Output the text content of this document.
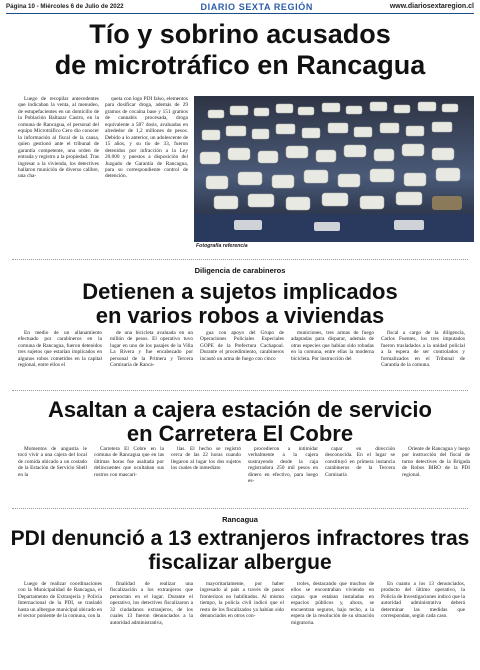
Página 10 - Miércoles 6 de Julio de 2022	DIARIO SEXTA REGIÓN	www.diariosextaregion.cl
Tío y sobrino acusados
de microtráfico en Rancagua
Luego de recopilar antecedentes que indicaban la venta, al menudeo, de estupefacientes en un domicilio de la Población Baltazar Castro, en la comuna de Rancagua, el personal del equipo Microtráfico Cero dio conocer la información al fiscal de la causa, quien gestionó ante el tribunal de garantía competente, una orden de entrada y registro a la propiedad. Tras ingresar a la vivienda, los detectives hallaron munición de diverso calibre, una cha-
queta con logo PDI falso, elementos para dosificar droga, además de 29 gramos de cocaína base y 151 gramos de cannabis procesada, droga equivalente a 587 dosis, avaluadas en alrededor de 1,2 millones de pesos. Debido a lo anterior, un adolescente de 15 años, y su tío de 33, fueron detenidos por infracción a la Ley 20.000 y puestos a disposición del Juzgado de Garantía de Rancagua, para su correspondiente control de detención.
Fotografía referencia
Diligencia de carabineros
Detienen a sujetos implicados
en varios robos a viviendas
En medio de un allanamiento efectuado por carabineros en la comuna de Rancagua, fueron detenidos tres sujetos que estarían implicados en algunos robos cometidos en la capital regional, entre ellos el
de una bicicleta avaluada en un millón de pesos. El operativo tuvo lugar en uno de los pasajes de la Villa La Rivera y fue encabezado por personal de la Primera y Tercera Comisaría de Ranca-
gua con apoyo del Grupo de Operaciones Policiales Especiales GOPE de la Prefectura Cachapoal. Durante el procedimiento, carabineros incautó un arma de fuego con cinco
municiones, tres armas de fuego adaptadas para disparar, además de otras especies que habían sido robadas en la comuna, entre ellas la moderna bicicleta. Por instrucción del
fiscal a cargo de la diligencia, Carlos Fuentes, los tres imputados fueron trasladados a la unidad policial a la espera de ser controlados y formalizados en el Tribunal de Garantía de la comuna.
Asaltan a cajera estación de servicio
en Carretera El Cobre
Momentos de angustia le tocó vivir a una cajera del local de comida ubicado a un costado de la Estación de Servicio Shell en la
Carretera El Cobre en la comuna de Rancagua que en las últimas horas fue asaltada por delincuentes que ocultaban sus rostros con mascari-
llas. El hecho se registró cerca de las 22 horas cuando llegaron al lugar los dos sujetos los cuales de inmediato
procedieron a intimidar verbalmente a la cajera sustrayendo desde la caja registradora 250 mil pesos en dinero en efectivo, para luego es-
capar en dirección desconocida. En el lugar se constituyó en primera instancia carabineros de la Tercera Comisaría
Oriente de Rancagua y luego por instrucción del fiscal de turno detectives de la Brigada de Robos BIRO de la PDI regional.
Rancagua
PDI denunció a 13 extranjeros infractores tras
fiscalizar albergue
Luego de realizar coordinaciones con la Municipalidad de Rancagua, el Departamento de Extranjería y Policía Internacional de la PDI, se trasladó hasta un albergue municipal ubicado en el sector poniente de la comuna, con la
finalidad de realizar una fiscalización a los extranjeros que pernoctan en el lugar. Durante el operativo, los detectives fiscalizaron a 32 ciudadanos extranjeros, de los cuales 13 fueron denunciados a la autoridad administrativa,
mayoritariamente, por haber ingresado al país a través de pasos fronterizos no habilitados. Al mismo tiempo, la policía civil indicó que el resto de los fiscalizados ya habían sido denunciados en otros con-
troles, destacando que muchos de ellos se encontraban viviendo en carpas que estaban instaladas en espacios públicos y, ahora, se encuentran seguros, bajo techo, a la espera de la resolución de su situación migratoria.
En cuanto a los 13 denunciados, producto del último operativo, la Policía de Investigaciones indicó que la autoridad administrativa deberá determinar las medidas que correspondan, según cada caso.
